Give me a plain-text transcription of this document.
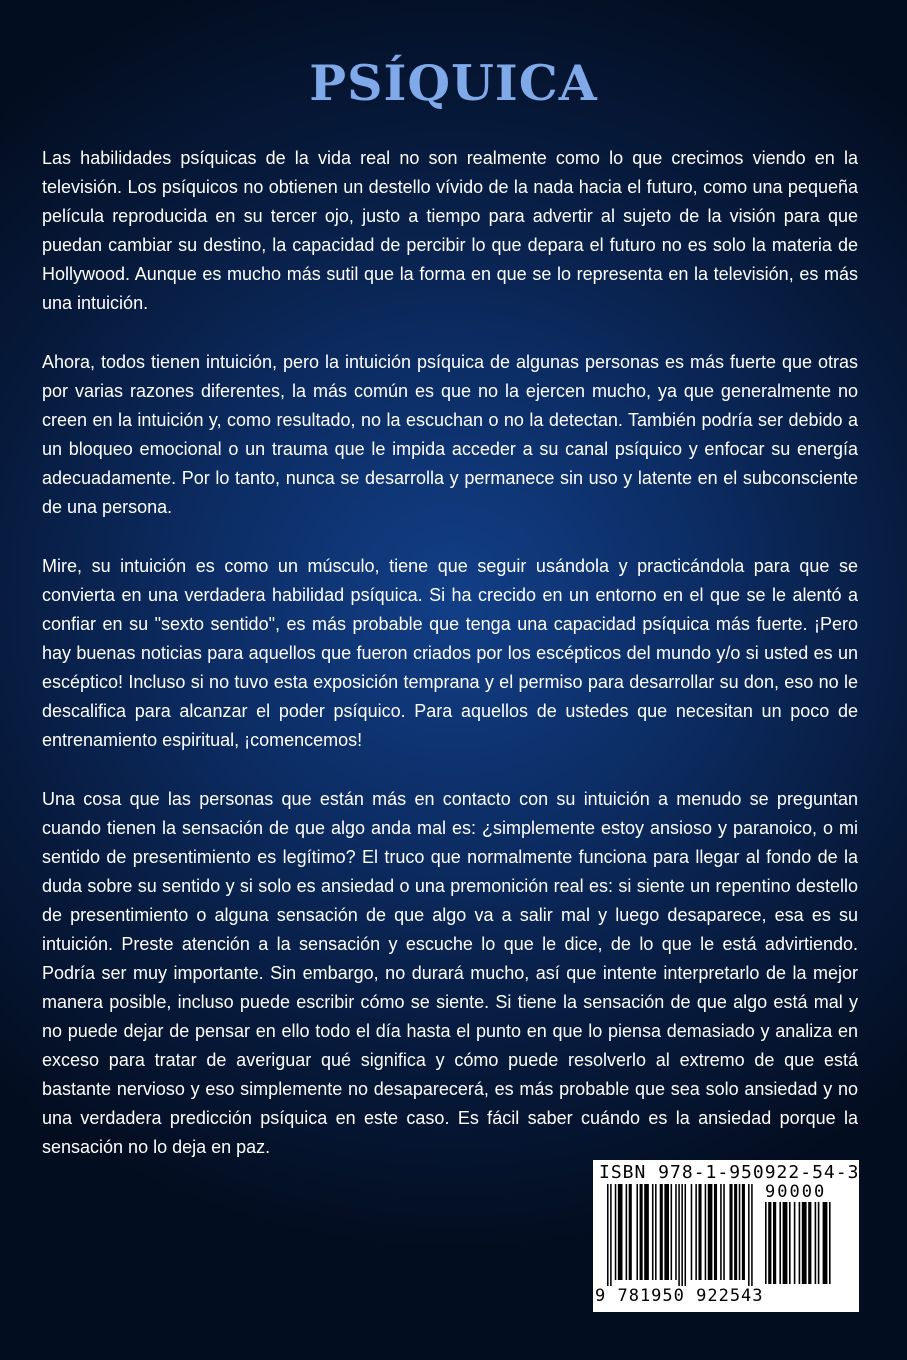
PSÍQUICA

Las habilidades psíquicas de la vida real no son realmente como lo que crecimos viendo en la televisión. Los psíquicos no obtienen un destello vívido de la nada hacia el futuro, como una pequeña película reproducida en su tercer ojo, justo a tiempo para advertir al sujeto de la visión para que puedan cambiar su destino, la capacidad de percibir lo que depara el futuro no es solo la materia de Hollywood. Aunque es mucho más sutil que la forma en que se lo representa en la televisión, es más una intuición.

Ahora, todos tienen intuición, pero la intuición psíquica de algunas personas es más fuerte que otras por varias razones diferentes, la más común es que no la ejercen mucho, ya que generalmente no creen en la intuición y, como resultado, no la escuchan o no la detectan. También podría ser debido a un bloqueo emocional o un trauma que le impida acceder a su canal psíquico y enfocar su energía adecuadamente. Por lo tanto, nunca se desarrolla y permanece sin uso y latente en el subconsciente de una persona.

Mire, su intuición es como un músculo, tiene que seguir usándola y practicándola para que se convierta en una verdadera habilidad psíquica. Si ha crecido en un entorno en el que se le alentó a confiar en su "sexto sentido", es más probable que tenga una capacidad psíquica más fuerte. ¡Pero hay buenas noticias para aquellos que fueron criados por los escépticos del mundo y/o si usted es un escéptico! Incluso si no tuvo esta exposición temprana y el permiso para desarrollar su don, eso no le descalifica para alcanzar el poder psíquico. Para aquellos de ustedes que necesitan un poco de entrenamiento espiritual, ¡comencemos!

Una cosa que las personas que están más en contacto con su intuición a menudo se preguntan cuando tienen la sensación de que algo anda mal es: ¿simplemente estoy ansioso y paranoico, o mi sentido de presentimiento es legítimo? El truco que normalmente funciona para llegar al fondo de la duda sobre su sentido y si solo es ansiedad o una premonición real es: si siente un repentino destello de presentimiento o alguna sensación de que algo va a salir mal y luego desaparece, esa es su intuición. Preste atención a la sensación y escuche lo que le dice, de lo que le está advirtiendo. Podría ser muy importante. Sin embargo, no durará mucho, así que intente interpretarlo de la mejor manera posible, incluso puede escribir cómo se siente. Si tiene la sensación de que algo está mal y no puede dejar de pensar en ello todo el día hasta el punto en que lo piensa demasiado y analiza en exceso para tratar de averiguar qué significa y cómo puede resolverlo al extremo de que está bastante nervioso y eso simplemente no desaparecerá, es más probable que sea solo ansiedad y no una verdadera predicción psíquica en este caso. Es fácil saber cuándo es la ansiedad porque la sensación no lo deja en paz.

ISBN 978-1-950922-54-3
90000
9 781950 922543
